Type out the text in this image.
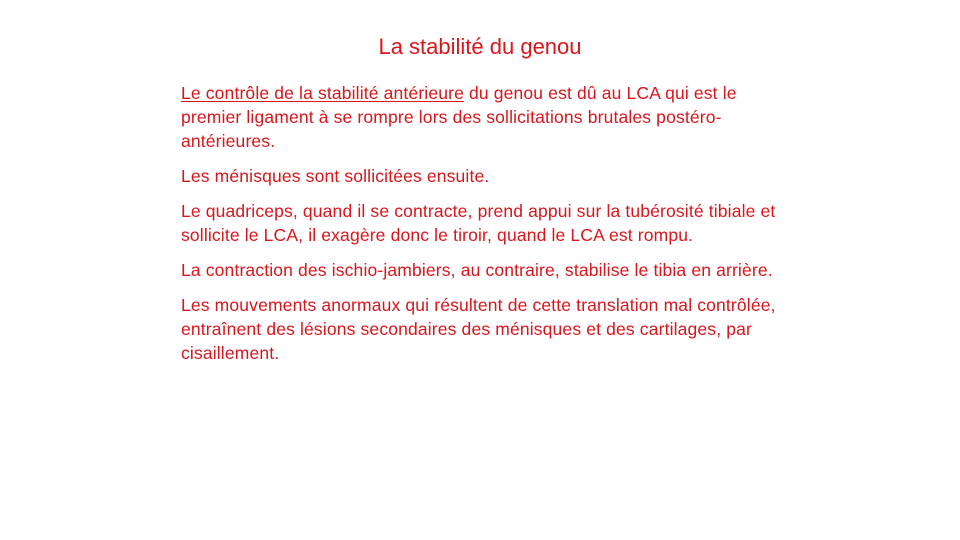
La stabilité du genou

Le contrôle de la stabilité antérieure du genou est dû au LCA qui est le premier ligament à se rompre lors des sollicitations brutales postéro-antérieures.

Les ménisques sont sollicitées ensuite.

Le quadriceps, quand il se contracte, prend appui sur la tubérosité tibiale et sollicite le LCA, il exagère donc le tiroir, quand le LCA est rompu.

La contraction des ischio-jambiers, au contraire, stabilise le tibia en arrière.

Les mouvements anormaux qui résultent de cette translation mal contrôlée, entraînent des lésions secondaires des ménisques et des cartilages, par cisaillement.
